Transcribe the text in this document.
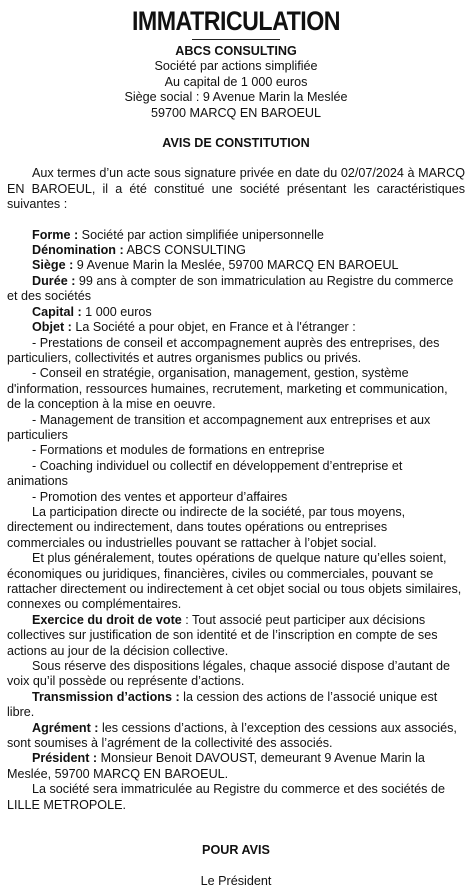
IMMATRICULATION
ABCS CONSULTING
Société par actions simplifiée
Au capital de 1 000 euros
Siège social : 9 Avenue Marin la Meslée
59700 MARCQ EN BAROEUL
AVIS DE CONSTITUTION

Aux termes d’un acte sous signature privée en date du 02/07/2024 à MARCQ EN BAROEUL, il a été constitué une société présentant les caractéristiques suivantes :

Forme : Société par action simplifiée unipersonnelle

Dénomination : ABCS CONSULTING

Siège : 9 Avenue Marin la Meslée, 59700 MARCQ EN BAROEUL

Durée : 99 ans à compter de son immatriculation au Registre du commerce et des sociétés

Capital : 1 000 euros

Objet : La Société a pour objet, en France et à l'étranger :

- Prestations de conseil et accompagnement auprès des entreprises, des particuliers, collectivités et autres organismes publics ou privés.

- Conseil en stratégie, organisation, management, gestion, système d'information, ressources humaines, recrutement, marketing et communication, de la conception à la mise en oeuvre.

- Management de transition et accompagnement aux entreprises et aux particuliers

- Formations et modules de formations en entreprise

- Coaching individuel ou collectif en développement d’entreprise et animations

- Promotion des ventes et apporteur d’affaires

La participation directe ou indirecte de la société, par tous moyens, directement ou indirectement, dans toutes opérations ou entreprises commerciales ou industrielles pouvant se rattacher à l’objet social.

Et plus généralement, toutes opérations de quelque nature qu’elles soient, économiques ou juridiques, financières, civiles ou commerciales, pouvant se rattacher directement ou indirectement à cet objet social ou tous objets similaires, connexes ou complémentaires.

Exercice du droit de vote : Tout associé peut participer aux décisions collectives sur justification de son identité et de l’inscription en compte de ses actions au jour de la décision collective.

Sous réserve des dispositions légales, chaque associé dispose d’autant de voix qu’il possède ou représente d’actions.

Transmission d’actions : la cession des actions de l’associé unique est libre.

Agrément : les cessions d’actions, à l’exception des cessions aux associés, sont soumises à l’agrément de la collectivité des associés.

Président : Monsieur Benoit DAVOUST, demeurant 9 Avenue Marin la Meslée, 59700 MARCQ EN BAROEUL.

La société sera immatriculée au Registre du commerce et des sociétés de LILLE METROPOLE.

POUR AVIS
Le Président
